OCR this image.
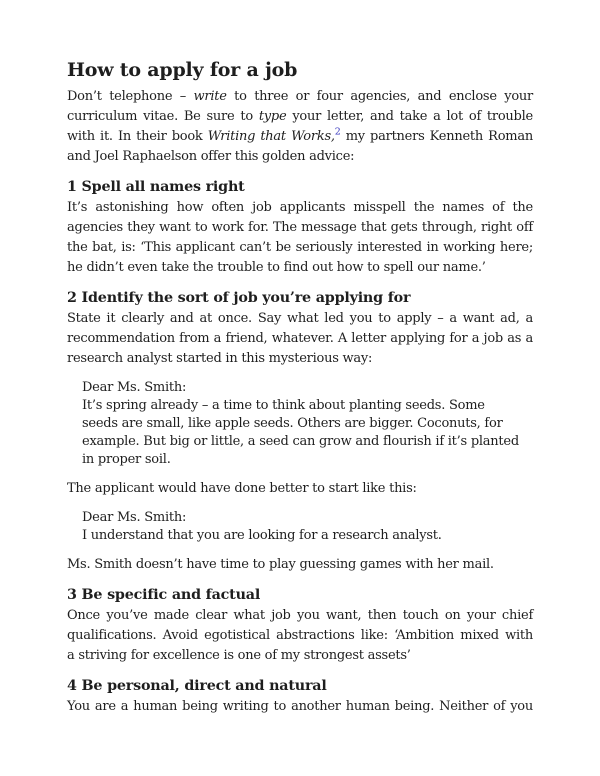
How to apply for a job
Don’t telephone – write to three or four agencies, and enclose your
curriculum vitae. Be sure to type your letter, and take a lot of trouble
with it. In their book Writing that Works,$^2$ my partners Kenneth Roman
and Joel Raphaelson offer this golden advice:
1 Spell all names right
It’s astonishing how often job applicants misspell the names of the
agencies they want to work for. The message that gets through, right off
the bat, is: ‘This applicant can’t be seriously interested in working here;
he didn’t even take the trouble to find out how to spell our name.’
2 Identify the sort of job you’re applying for
State it clearly and at once. Say what led you to apply – a want ad, a
recommendation from a friend, whatever. A letter applying for a job as a
research analyst started in this mysterious way:
Dear Ms. Smith:
It’s spring already – a time to think about planting seeds. Some
seeds are small, like apple seeds. Others are bigger. Coconuts, for
example. But big or little, a seed can grow and flourish if it’s planted
in proper soil.
The applicant would have done better to start like this:
Dear Ms. Smith:
I understand that you are looking for a research analyst.
Ms. Smith doesn’t have time to play guessing games with her mail.
3 Be specific and factual
Once you’ve made clear what job you want, then touch on your chief
qualifications. Avoid egotistical abstractions like: ‘Ambition mixed with
a striving for excellence is one of my strongest assets’
4 Be personal, direct and natural
You are a human being writing to another human being. Neither of you
